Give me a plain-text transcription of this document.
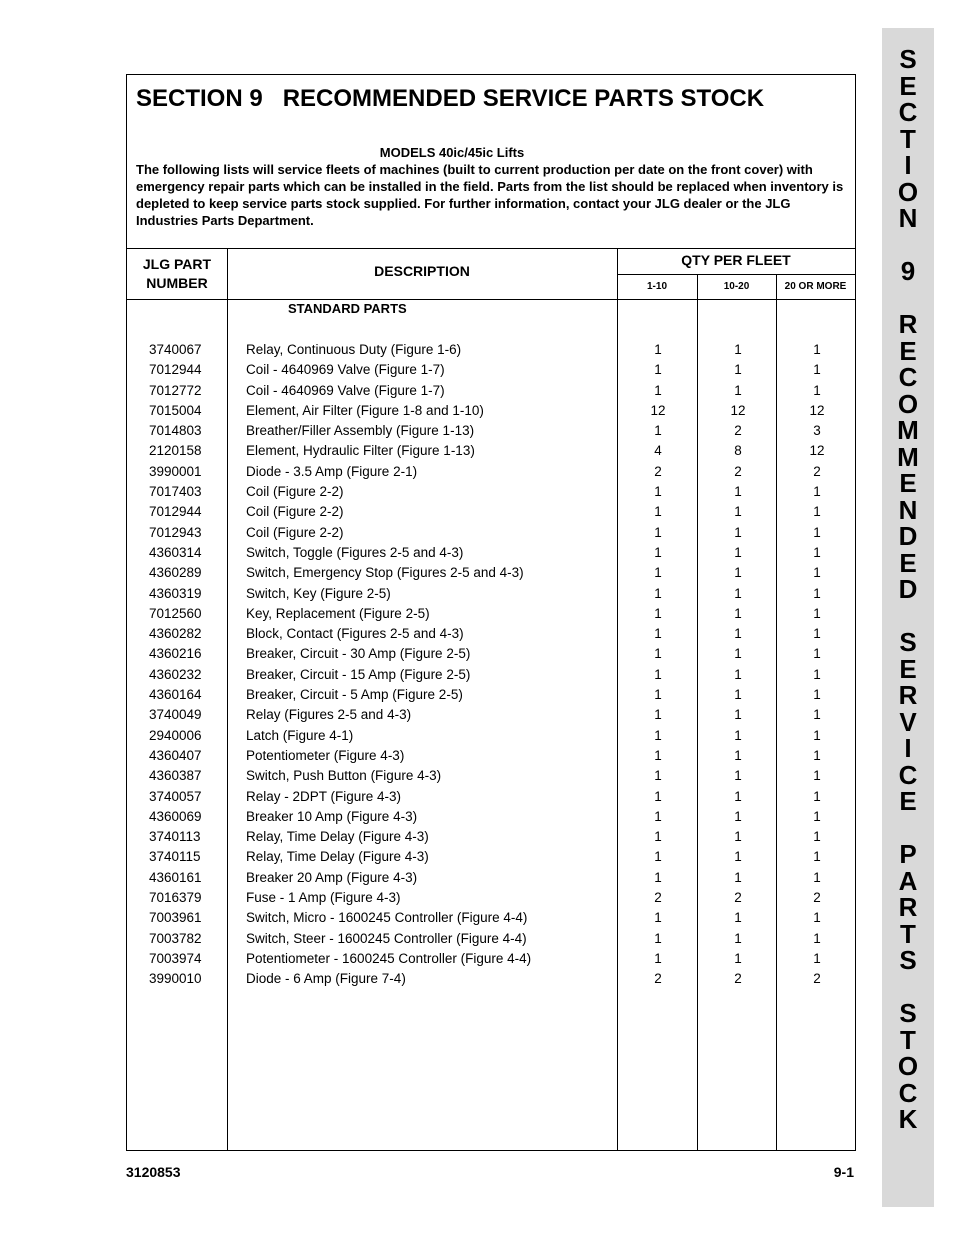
S
E
C
T
I
O
N
9
R
E
C
O
M
M
E
N
D
E
D
S
E
R
V
I
C
E
P
A
R
T
S
S
T
O
C
K
SECTION 9   RECOMMENDED SERVICE PARTS STOCK
MODELS 40ic/45ic Lifts
The following lists will service fleets of machines (built to current production per date on the front cover) with emergency repair parts which can be installed in the field. Parts from the list should be replaced when inventory is depleted to keep service parts stock supplied. For further information, contact your JLG dealer or the JLG Industries Parts Department.
JLG PART NUMBER
DESCRIPTION
QTY PER FLEET
1-10	10-20	20 OR MORE
STANDARD PARTS
3740067	Relay, Continuous Duty (Figure 1-6)	1	1	1
7012944	Coil - 4640969 Valve (Figure 1-7)	1	1	1
7012772	Coil - 4640969 Valve (Figure 1-7)	1	1	1
7015004	Element, Air Filter (Figure 1-8 and 1-10)	12	12	12
7014803	Breather/Filler Assembly (Figure 1-13)	1	2	3
2120158	Element, Hydraulic Filter (Figure 1-13)	4	8	12
3990001	Diode - 3.5 Amp (Figure 2-1)	2	2	2
7017403	Coil (Figure 2-2)	1	1	1
7012944	Coil (Figure 2-2)	1	1	1
7012943	Coil (Figure 2-2)	1	1	1
4360314	Switch, Toggle (Figures 2-5 and 4-3)	1	1	1
4360289	Switch, Emergency Stop (Figures 2-5 and 4-3)	1	1	1
4360319	Switch, Key (Figure 2-5)	1	1	1
7012560	Key, Replacement (Figure 2-5)	1	1	1
4360282	Block, Contact (Figures 2-5 and 4-3)	1	1	1
4360216	Breaker, Circuit - 30 Amp (Figure 2-5)	1	1	1
4360232	Breaker, Circuit - 15 Amp (Figure 2-5)	1	1	1
4360164	Breaker, Circuit - 5 Amp (Figure 2-5)	1	1	1
3740049	Relay (Figures 2-5 and 4-3)	1	1	1
2940006	Latch (Figure 4-1)	1	1	1
4360407	Potentiometer (Figure 4-3)	1	1	1
4360387	Switch, Push Button (Figure 4-3)	1	1	1
3740057	Relay - 2DPT (Figure 4-3)	1	1	1
4360069	Breaker 10 Amp (Figure 4-3)	1	1	1
3740113	Relay, Time Delay (Figure 4-3)	1	1	1
3740115	Relay, Time Delay (Figure 4-3)	1	1	1
4360161	Breaker 20 Amp (Figure 4-3)	1	1	1
7016379	Fuse - 1 Amp (Figure 4-3)	2	2	2
7003961	Switch, Micro - 1600245 Controller (Figure 4-4)	1	1	1
7003782	Switch, Steer - 1600245 Controller (Figure 4-4)	1	1	1
7003974	Potentiometer - 1600245 Controller (Figure 4-4)	1	1	1
3990010	Diode - 6 Amp (Figure 7-4)	2	2	2
3120853	9-1
